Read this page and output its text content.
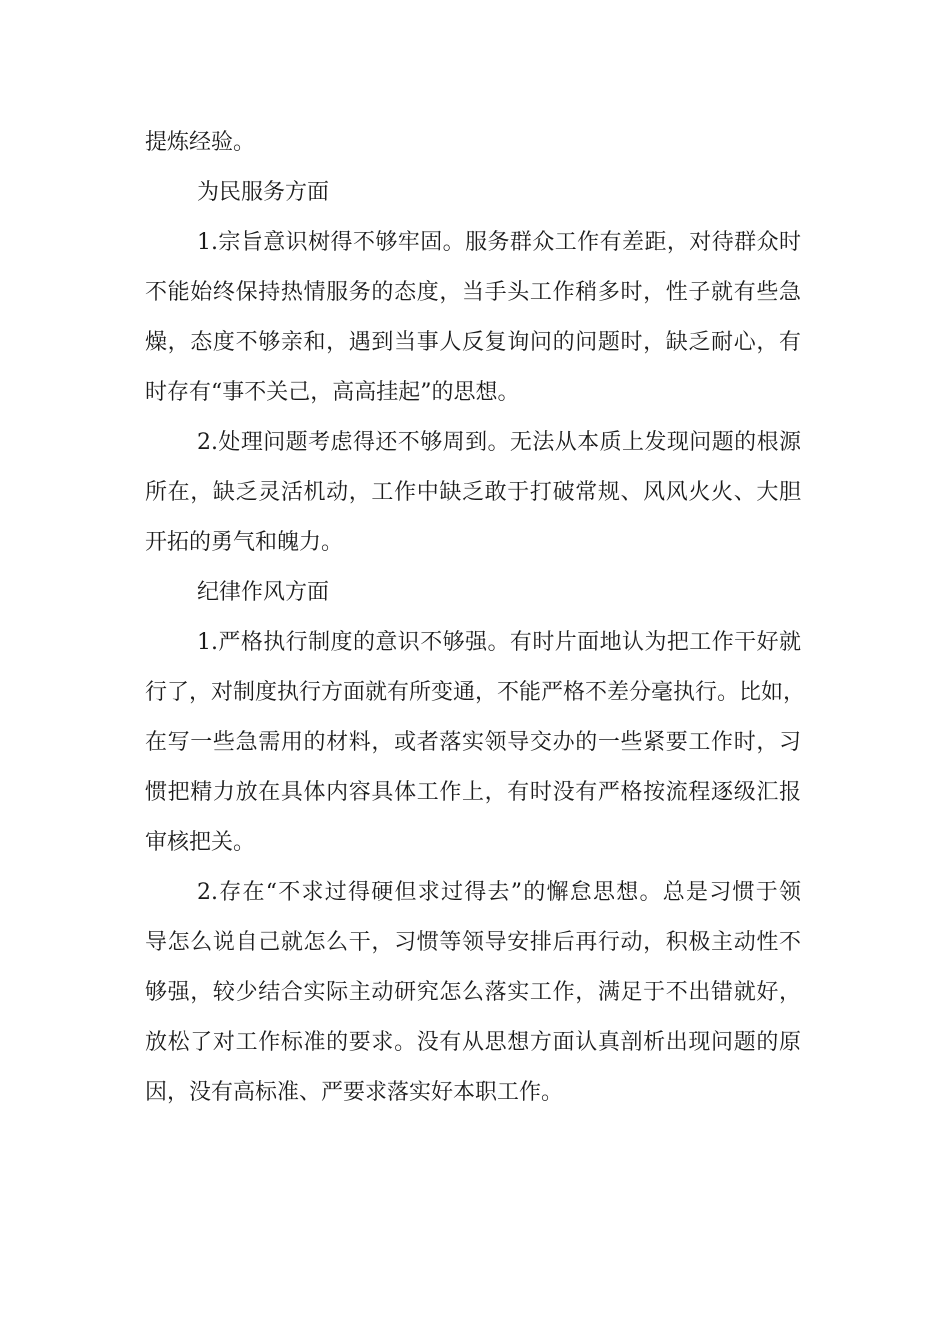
提炼经验。
为民服务方面
1.宗旨意识树得不够牢固。服务群众工作有差距，对待群众时
不能始终保持热情服务的态度，当手头工作稍多时，性子就有些急
燥，态度不够亲和，遇到当事人反复询问的问题时，缺乏耐心，有
时存有“事不关己，高高挂起”的思想。
2.处理问题考虑得还不够周到。无法从本质上发现问题的根源
所在，缺乏灵活机动，工作中缺乏敢于打破常规、风风火火、大胆
开拓的勇气和魄力。
纪律作风方面
1.严格执行制度的意识不够强。有时片面地认为把工作干好就
行了，对制度执行方面就有所变通，不能严格不差分毫执行。比如，
在写一些急需用的材料，或者落实领导交办的一些紧要工作时，习
惯把精力放在具体内容具体工作上，有时没有严格按流程逐级汇报
审核把关。
2.存在“不求过得硬但求过得去”的懈怠思想。总是习惯于领
导怎么说自己就怎么干，习惯等领导安排后再行动，积极主动性不
够强，较少结合实际主动研究怎么落实工作，满足于不出错就好，
放松了对工作标准的要求。没有从思想方面认真剖析出现问题的原
因，没有高标准、严要求落实好本职工作。
